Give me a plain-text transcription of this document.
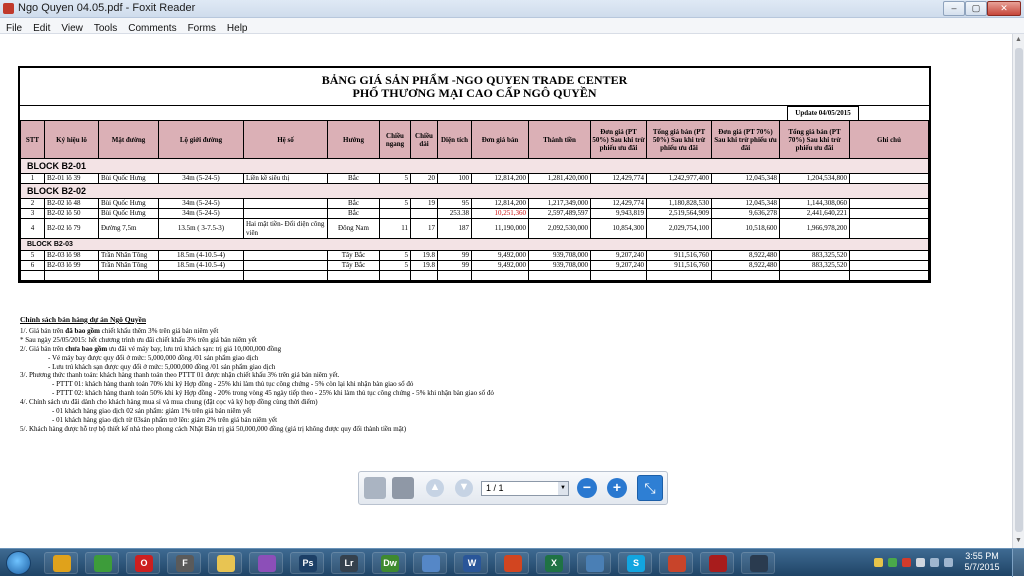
Ngo Quyen 04.05.pdf - Foxit Reader	‒	▢	✕
File Edit View Tools Comments Forms Help
BẢNG GIÁ SẢN PHẨM -NGO QUYEN TRADE CENTER
PHỐ THƯƠNG MẠI CAO CẤP NGÔ QUYỀN
Update 04/05/2015
STT	Ký hiệu lô	Mặt đường	Lộ giới đường	Hệ số	Hướng	Chiều ngang	Chiều dài	Diện tích	Đơn giá bán	Thành tiền	Đơn giá (PT 50%) Sau khi trừ phiếu ưu đãi	Tổng giá bán (PT 50%) Sau khi trừ phiếu ưu đãi	Đơn giá (PT 70%) Sau khi trừ phiếu ưu đãi	Tổng giá bán (PT 70%) Sau khi trừ phiếu ưu đãi	Ghi chú
BLOCK B2-01															
1	B2-01 lô 39	Bùi Quốc Hưng	34m (5-24-5)	Liền kề siêu thị	Bắc	5	20	100	12,814,200	1,281,420,000	12,429,774	1,242,977,400	12,045,348	1,204,534,800	
BLOCK B2-02															
2	B2-02 lô 48	Bùi Quốc Hưng	34m (5-24-5)		Bắc	5	19	95	12,814,200	1,217,349,000	12,429,774	1,180,828,530	12,045,348	1,144,308,060	
3	B2-02 lô 50	Bùi Quốc Hưng	34m (5-24-5)		Bắc			253.38	10,251,360	2,597,489,597	9,943,819	2,519,564,909	9,636,278	2,441,640,221	
4	B2-02 lô 79	Đường 7,5m	13.5m ( 3-7.5-3)	Hai mặt tiền- Đối diện công viên	Đông Nam	11	17	187	11,190,000	2,092,530,000	10,854,300	2,029,754,100	10,518,600	1,966,978,200	
BLOCK B2-03															
5	B2-03 lô 98	Trần Nhân Tông	18.5m (4-10.5-4)		Tây Bắc	5	19.8	99	9,492,000	939,708,000	9,207,240	911,516,760	8,922,480	883,325,520	
6	B2-03 lô 99	Trần Nhân Tông	18.5m (4-10.5-4)		Tây Bắc	5	19.8	99	9,492,000	939,708,000	9,207,240	911,516,760	8,922,480	883,325,520	

Chính sách bán hàng dự án Ngô Quyền
1/. Giá bán trên đã bao gồm chiết khấu thêm 3% trên giá bán niêm yết
* Sau ngày 25/05/2015: hết chương trình ưu đãi chiết khấu 3% trên giá bán niêm yết
2/. Giá bán trên chưa bao gồm ưu đãi vé máy bay, lưu trú khách sạn: trị giá 10,000,000 đồng
- Vé máy bay được quy đổi ở mức: 5,000,000 đồng /01 sản phẩm giao dịch
- Lưu trú khách sạn được quy đổi ở mức: 5,000,000 đồng /01 sản phẩm giao dịch
3/. Phương thức thanh toán: khách hàng thanh toán theo PTTT 01 được nhận chiết khấu 3% trên giá bán niêm yết.
- PTTT 01: khách hàng thanh toán 70% khi ký Hợp đồng - 25% khi làm thủ tục công chứng - 5% còn lại khi nhận bàn giao sổ đỏ
- PTTT 02: khách hàng thanh toán 50% khi ký Hợp đồng - 20% trong vòng 45 ngày tiếp theo - 25% khi làm thủ tục công chứng - 5% khi nhận bàn giao sổ đỏ
4/. Chính sách ưu đãi dành cho khách hàng mua sỉ và mua chung (đặt cọc và ký hợp đồng cùng thời điểm)
- 01 khách hàng giao dịch 02 sản phẩm: giảm 1% trên giá bán niêm yết
- 01 khách hàng giao dịch từ 03sản phẩm trở lên: giảm 2% trên giá bán niêm yết
5/. Khách hàng được hỗ trợ bộ thiết kế nhà theo phong cách Nhật Bản trị giá 50,000,000 đồng (giá trị không được quy đổi thành tiền mặt)
▲
▼
▲	▼	1 / 1	▼	−	+	⤡
O	F	Ps	Lr	Dw	W	X	S
3:55 PM
5/7/2015
